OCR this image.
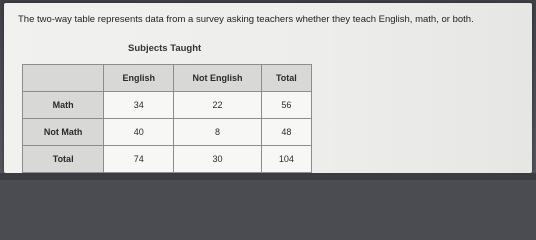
The two-way table represents data from a survey asking teachers whether they teach English, math, or both.
Subjects Taught
	English	Not English	Total
Math	34	22	56
Not Math	40	8	48
Total	74	30	104
